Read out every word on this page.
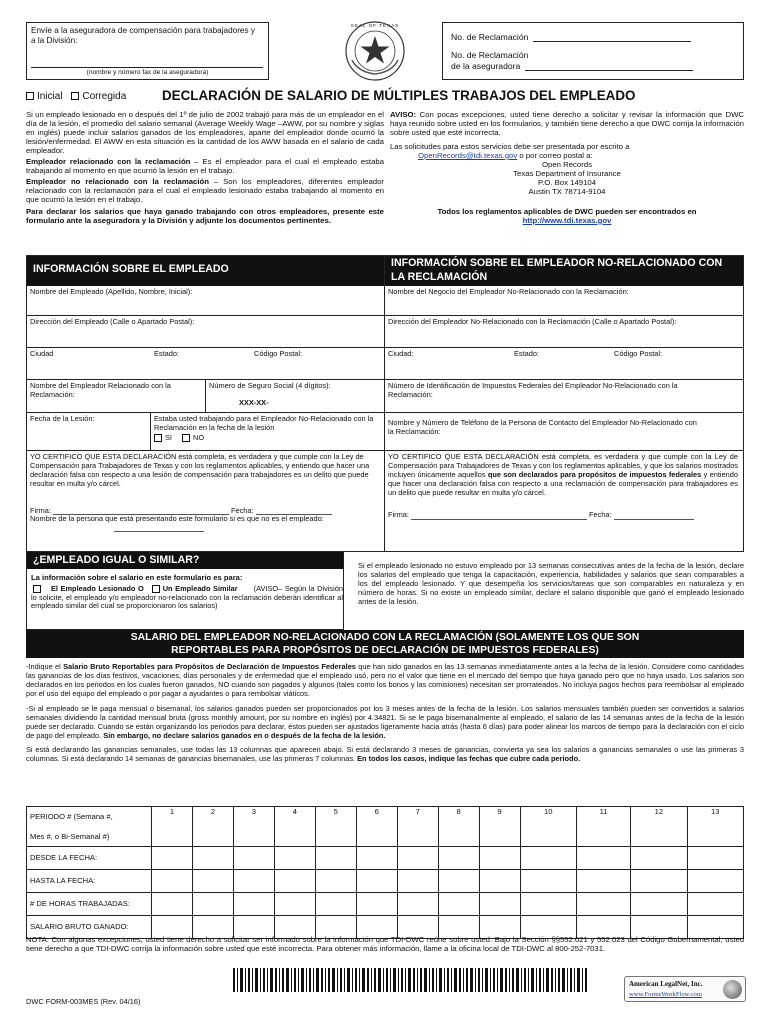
Envíe a la aseguradora de compensación para trabajadores y a la División:
(nombre y número fax de la aseguradora)
SEAL OF TEXAS
No. de Reclamación
No. de Reclamación
de la aseguradora
Inicial Corregida	DECLARACIÓN DE SALARIO DE MÚLTIPLES TRABAJOS DEL EMPLEADO
Si un empleado lesionado en o después del 1º de julio de 2002 trabajó para más de un empleador en el día de la lesión, el promedio del salario semanal (Average Weekly Wage –AWW, por su nombre y siglas en inglés) puede incluir salarios ganados de los empleadores, aparte del empleador donde ocurrió la lesión/enfermedad. El AWW en esta situación es la cantidad de los AWW basada en el salario de cada empleador.
Empleador relacionado con la reclamación – Es el empleador para el cual el empleado estaba trabajando al momento en que ocurrió la lesión en el trabajo.
Empleador no relacionado con la reclamación – Son los empleadores, diferentes empleador relacionado con la reclamación para el cual el empleado lesionado estaba trabajando al momento en que ocurrió la lesión en el trabajo.
Para declarar los salarios que haya ganado trabajando con otros empleadores, presente este formulario ante la aseguradora y la División y adjunte los documentos pertinentes.
AVISO: Con pocas excepciones, usted tiene derecho a solicitar y revisar la información que DWC haya reunido sobre usted en los formularios, y también tiene derecho a que DWC corrija la información sobre usted que esté incorrecta.
Las solicitudes para estos servicios debe ser presentada por escrito a
OpenRecords@tdi.texas.gov o por correo postal a:
Open Records
Texas Department of Insurance
P.O. Box 149104
Austin TX 78714-9104
Todos los reglamentos aplicables de DWC pueden ser encontrados en
http://www.tdi.texas.gov
INFORMACIÓN SOBRE EL EMPLEADO
Nombre del Empleado (Apellido, Nombre, Inicial):
Dirección del Empleado (Calle o Apartado Postal):
Ciudad	Estado:	Código Postal:
Nombre del Empleador Relacionado con la Reclamación:
Número de Seguro Social (4 dígitos):
XXX-XX-
Fecha de la Lesión:	Estaba usted trabajando para el Empleador No-Relacionado con la Reclamación en la fecha de la lesión
SI	NO
YO CERTIFICO QUE ESTA DECLARACIÓN está completa, es verdadera y que cumple con la Ley de Compensación para Trabajadores de Texas y con los reglamentos aplicables, y entiendo que hacer una declaración falsa con respecto a una lesión de compensación para trabajadores es un delito que puede resultar en multa y/o cárcel.
Firma:	Fecha:
Nombre de la persona que está presentando este formulario si es que no es el empleado:
INFORMACIÓN SOBRE EL EMPLEADOR NO-RELACIONADO CON LA RECLAMACIÓN
Nombre del Negocio del Empleador No-Relacionado con la Reclamación:
Dirección del Empleador No-Relacionado con la Reclamación (Calle o Apartado Postal):
Ciudad:	Estado:	Código Postal:
Número de Identificación de Impuestos Federales del Empleador No-Relacionado con la Reclamación:
Nombre y Número de Teléfono de la Persona de Contacto del Empleador No-Relacionado con la Reclamación:
YO CERTIFICO QUE ESTA DECLARACIÓN está completa, es verdadera y que cumple con la Ley de Compensación para Trabajadores de Texas y con los reglamentos aplicables, y que los salarios mostrados incluyen únicamente aquellos que son declarados para propósitos de impuestos federales y entiendo que hacer una declaración falsa con respecto a una reclamación de compensación para trabajadores es un delito que puede resultar en multa y/o cárcel.
Firma:	Fecha:
¿EMPLEADO IGUAL O SIMILAR?
La información sobre el salario en este formulario es para:
El Empleado Lesionado O	Un Empleado Similar (AVISO– Según la División lo solicite, el empleado y/o empleador no-relacionado con la reclamación deberán identificar al empleado similar del cual se proporcionaron los salarios)
Si el empleado lesionado no estuvo empleado por 13 semanas consecutivas antes de la fecha de la lesión, declare los salarios del empleado que tenga la capacitación, experiencia, habilidades y salarios que sean comparables a los del empleado lesionado. Y que desempeña los servicios/tareas que son comparables en naturaleza y en número de horas. Si no existe un empleado similar, declare el salario disponible que ganó el empleado lesionado antes de la lesión.
SALARIO DEL EMPLEADOR NO-RELACIONADO CON LA RECLAMACIÓN (SOLAMENTE LOS QUE SON
REPORTABLES PARA PROPÓSITOS DE DECLARACIÓN DE IMPUESTOS FEDERALES)
-Indique el Salario Bruto Reportables para Propósitos de Declaración de Impuestos Federales que han sido ganados en las 13 semanas inmediatamente antes a la fecha de la lesión. Considere como cantidades las ganancias de los días festivos, vacaciones, días personales y de enfermedad que el empleado usó, pero no el valor que tiene en el mercado del tiempo que haya ganado pero que no haya usado. Los salarios son declarados en los periodos en los cuales fueron ganados, NO cuando son pagados y algunos (tales como los bonos y las comisiones) necesitan ser prorrateados. No incluya pagos hechos para reembolsar al empleado por el uso del equipo del empleado o por pagar a ayudantes o para rembolsar viáticos.
-Si al empleado se le paga mensual o bisemanal, los salarios ganados pueden ser proporcionados por los 3 meses antes de la fecha de la lesión. Los salarios mensuales también pueden ser convertidos a salarios semanales dividiendo la cantidad mensual bruta (gross monthly amount, por su nombre en inglés) por 4.34821. Si se le paga bisemanalmente al empleado, el salario de las 14 semanas antes de la fecha de la lesión puede ser declarado. Cuando se están organizando los periodos para declarar, éstos pueden ser ajustados ligeramente hacia atrás (hasta 6 días) para poder alinear los marcos de tiempo para la declaración con el ciclo de pago del empleado. Sin embargo, no declare salarios ganados en o después de la fecha de la lesión.
Si está declarando las ganancias semanales, use todas las 13 columnas que aparecen abajo. Si está declarando 3 meses de ganancias, convierta ya sea los salarios a ganancias semanales o use las primeras 3 columnas. Si está declarando 14 semanas de ganancias bisemanales, use las primeras 7 columnas. En todos los casos, indique las fechas que cubre cada periodo.
PERIODO # (Semana #,	1	2	3	4	5	6	7	8	9	10	11	12	13
Mes #, o Bi-Semanal #)													
DESDE LA FECHA:													
HASTA LA FECHA:													
# DE HORAS TRABAJADAS:													
SALARIO BRUTO GANADO:													
NOTA: Con algunas excepciones, usted tiene derecho a solicitar ser informado sobre la información que TDI-DWC reúne sobre usted. Bajo la Sección §§552.021 y 552.023 del Código Gubernamental, usted tiene derecho a que TDI-DWC corrija la información sobre usted que esté incorrecta. Para obtener más información, llame a la oficina local de TDI-DWC al 800-252-7031.
American LegalNet, Inc.
www.FormsWorkFlow.com
DWC FORM-003MES (Rev. 04/16)
